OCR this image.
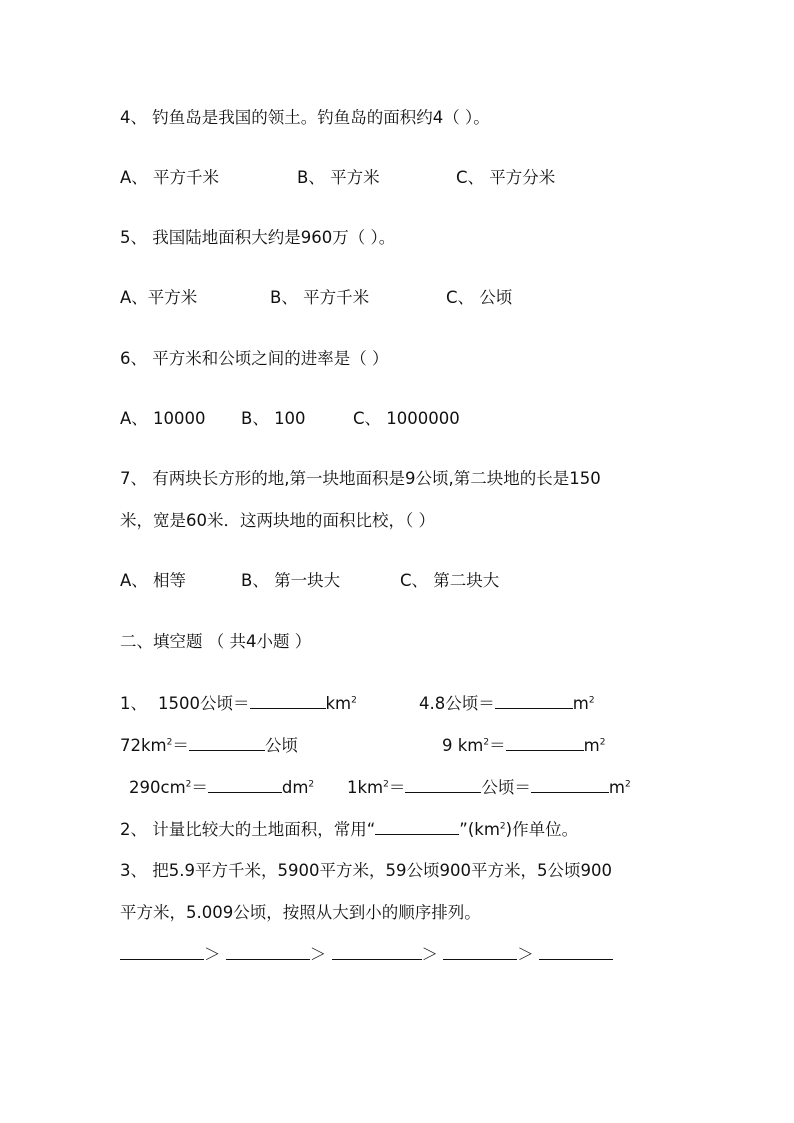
4、 钓鱼岛是我国的领土。钓鱼岛的面积约4（ ）。
A、 平方千米	B、 平方米	C、 平方分米
5、 我国陆地面积大约是960万（ ）。
A、平方米	B、 平方千米	C、 公顷
6、 平方米和公顷之间的进率是（ ）
A、 10000 B、 100	C、 1000000
7、 有两块长方形的地,第一块地面积是9公顷,第二块地的长是150
米，宽是60米．这两块地的面积比校，（ ）
A、 相等	B、 第一块大	C、 第二块大
二、填空题 （ 共4小题 ）
1、 1500公顷＝	$km^2$	4.8公顷＝	$m^2$
$72km^2=$	公顷	9 $km^2=$	$m^2$
$290cm^2=$	$dm^2$ $1km^2=$	公顷＝	$m^2$
2、 计量比较大的土地面积，常用“	$”(km^2)$作单位。
3、 把5.9平方千米，5900平方米，59公顷900平方米，5公顷900
平方米，5.009公顷，按照从大到小的顺序排列。
＞	＞	＞	＞
